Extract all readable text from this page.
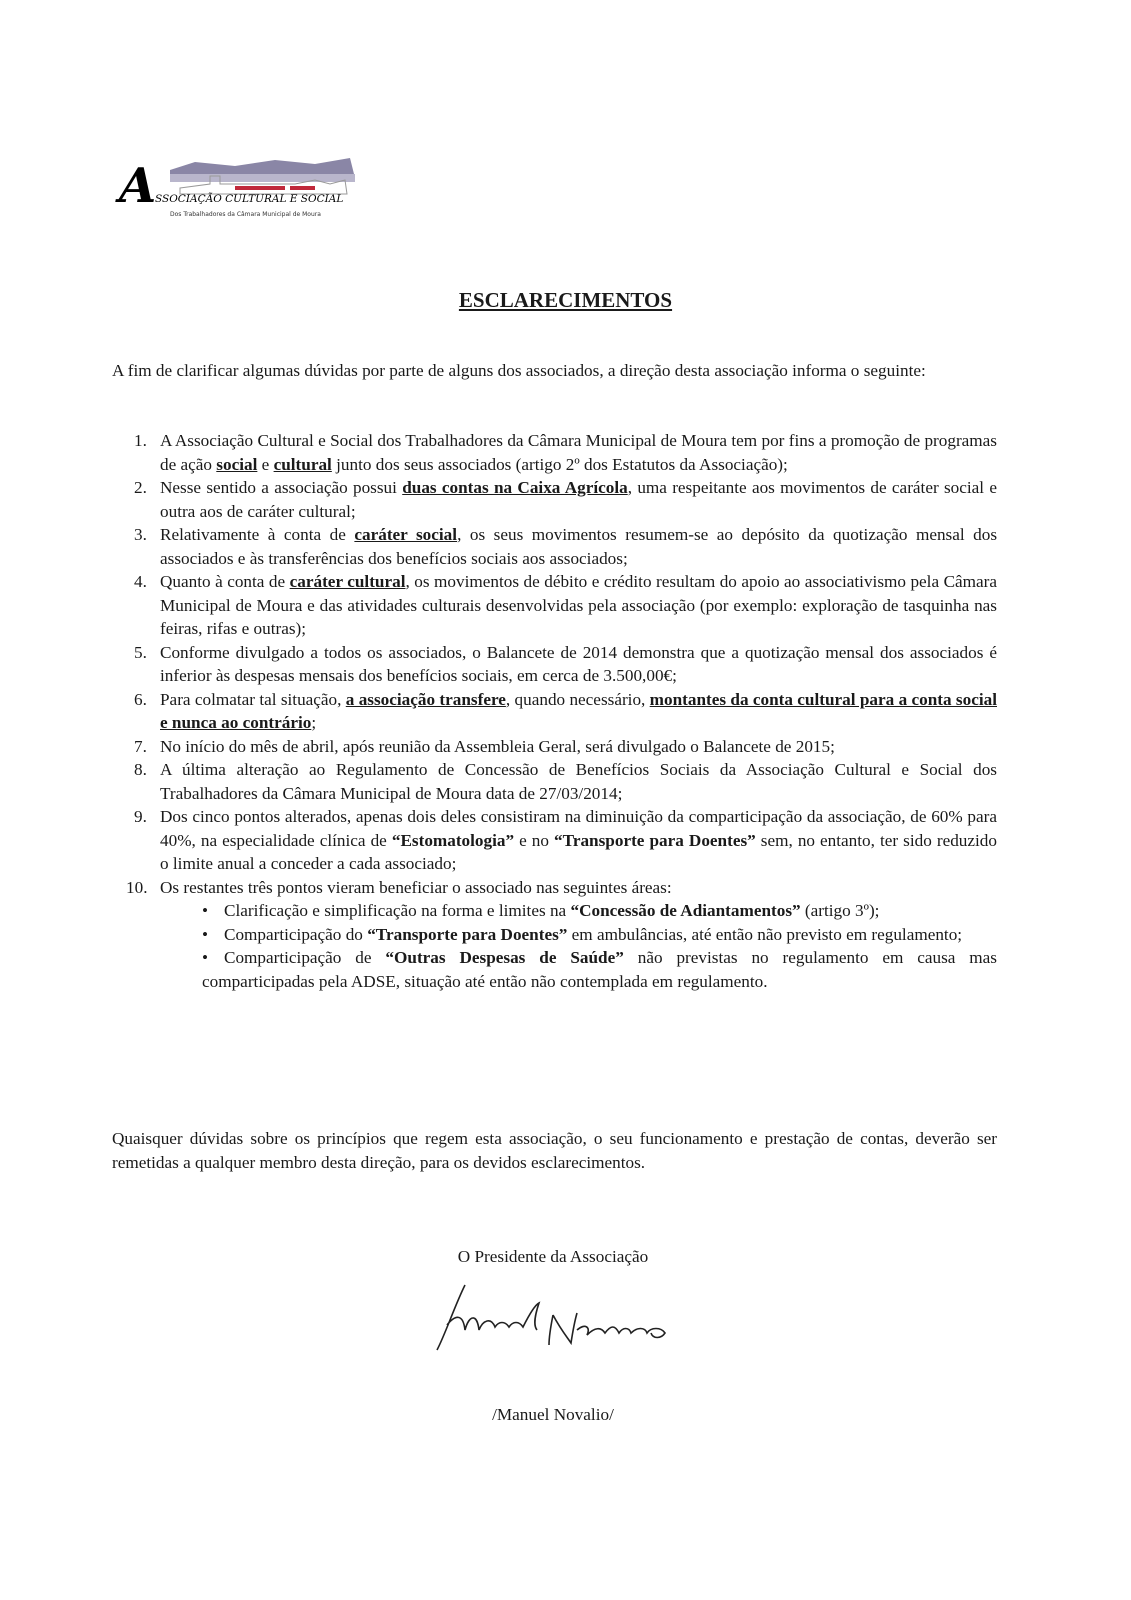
A
SSOCIAÇÃO CULTURAL E SOCIAL
Dos Trabalhadores da Câmara Municipal de Moura
ESCLARECIMENTOS
A fim de clarificar algumas dúvidas por parte de alguns dos associados, a direção desta associação informa o seguinte:
1. A Associação Cultural e Social dos Trabalhadores da Câmara Municipal de Moura tem por fins a promoção de programas de ação social e cultural junto dos seus associados (artigo 2º dos Estatutos da Associação);
2. Nesse sentido a associação possui duas contas na Caixa Agrícola, uma respeitante aos movimentos de caráter social e outra aos de caráter cultural;
3. Relativamente à conta de caráter social, os seus movimentos resumem-se ao depósito da quotização mensal dos associados e às transferências dos benefícios sociais aos associados;
4. Quanto à conta de caráter cultural, os movimentos de débito e crédito resultam do apoio ao associativismo pela Câmara Municipal de Moura e das atividades culturais desenvolvidas pela associação (por exemplo: exploração de tasquinha nas feiras, rifas e outras);
5. Conforme divulgado a todos os associados, o Balancete de 2014 demonstra que a quotização mensal dos associados é inferior às despesas mensais dos benefícios sociais, em cerca de 3.500,00€;
6. Para colmatar tal situação, a associação transfere, quando necessário, montantes da conta cultural para a conta social e nunca ao contrário;
7. No início do mês de abril, após reunião da Assembleia Geral, será divulgado o Balancete de 2015;
8. A última alteração ao Regulamento de Concessão de Benefícios Sociais da Associação Cultural e Social dos Trabalhadores da Câmara Municipal de Moura data de 27/03/2014;
9. Dos cinco pontos alterados, apenas dois deles consistiram na diminuição da comparticipação da associação, de 60% para 40%, na especialidade clínica de “Estomatologia” e no “Transporte para Doentes” sem, no entanto, ter sido reduzido o limite anual a conceder a cada associado;
10. Os restantes três pontos vieram beneficiar o associado nas seguintes áreas:
• Clarificação e simplificação na forma e limites na “Concessão de Adiantamentos” (artigo 3º);
• Comparticipação do “Transporte para Doentes” em ambulâncias, até então não previsto em regulamento;
• Comparticipação de “Outras Despesas de Saúde” não previstas no regulamento em causa mas comparticipadas pela ADSE, situação até então não contemplada em regulamento.
Quaisquer dúvidas sobre os princípios que regem esta associação, o seu funcionamento e prestação de contas, deverão ser remetidas a qualquer membro desta direção, para os devidos esclarecimentos.
O Presidente da Associação
/Manuel Novalio/
